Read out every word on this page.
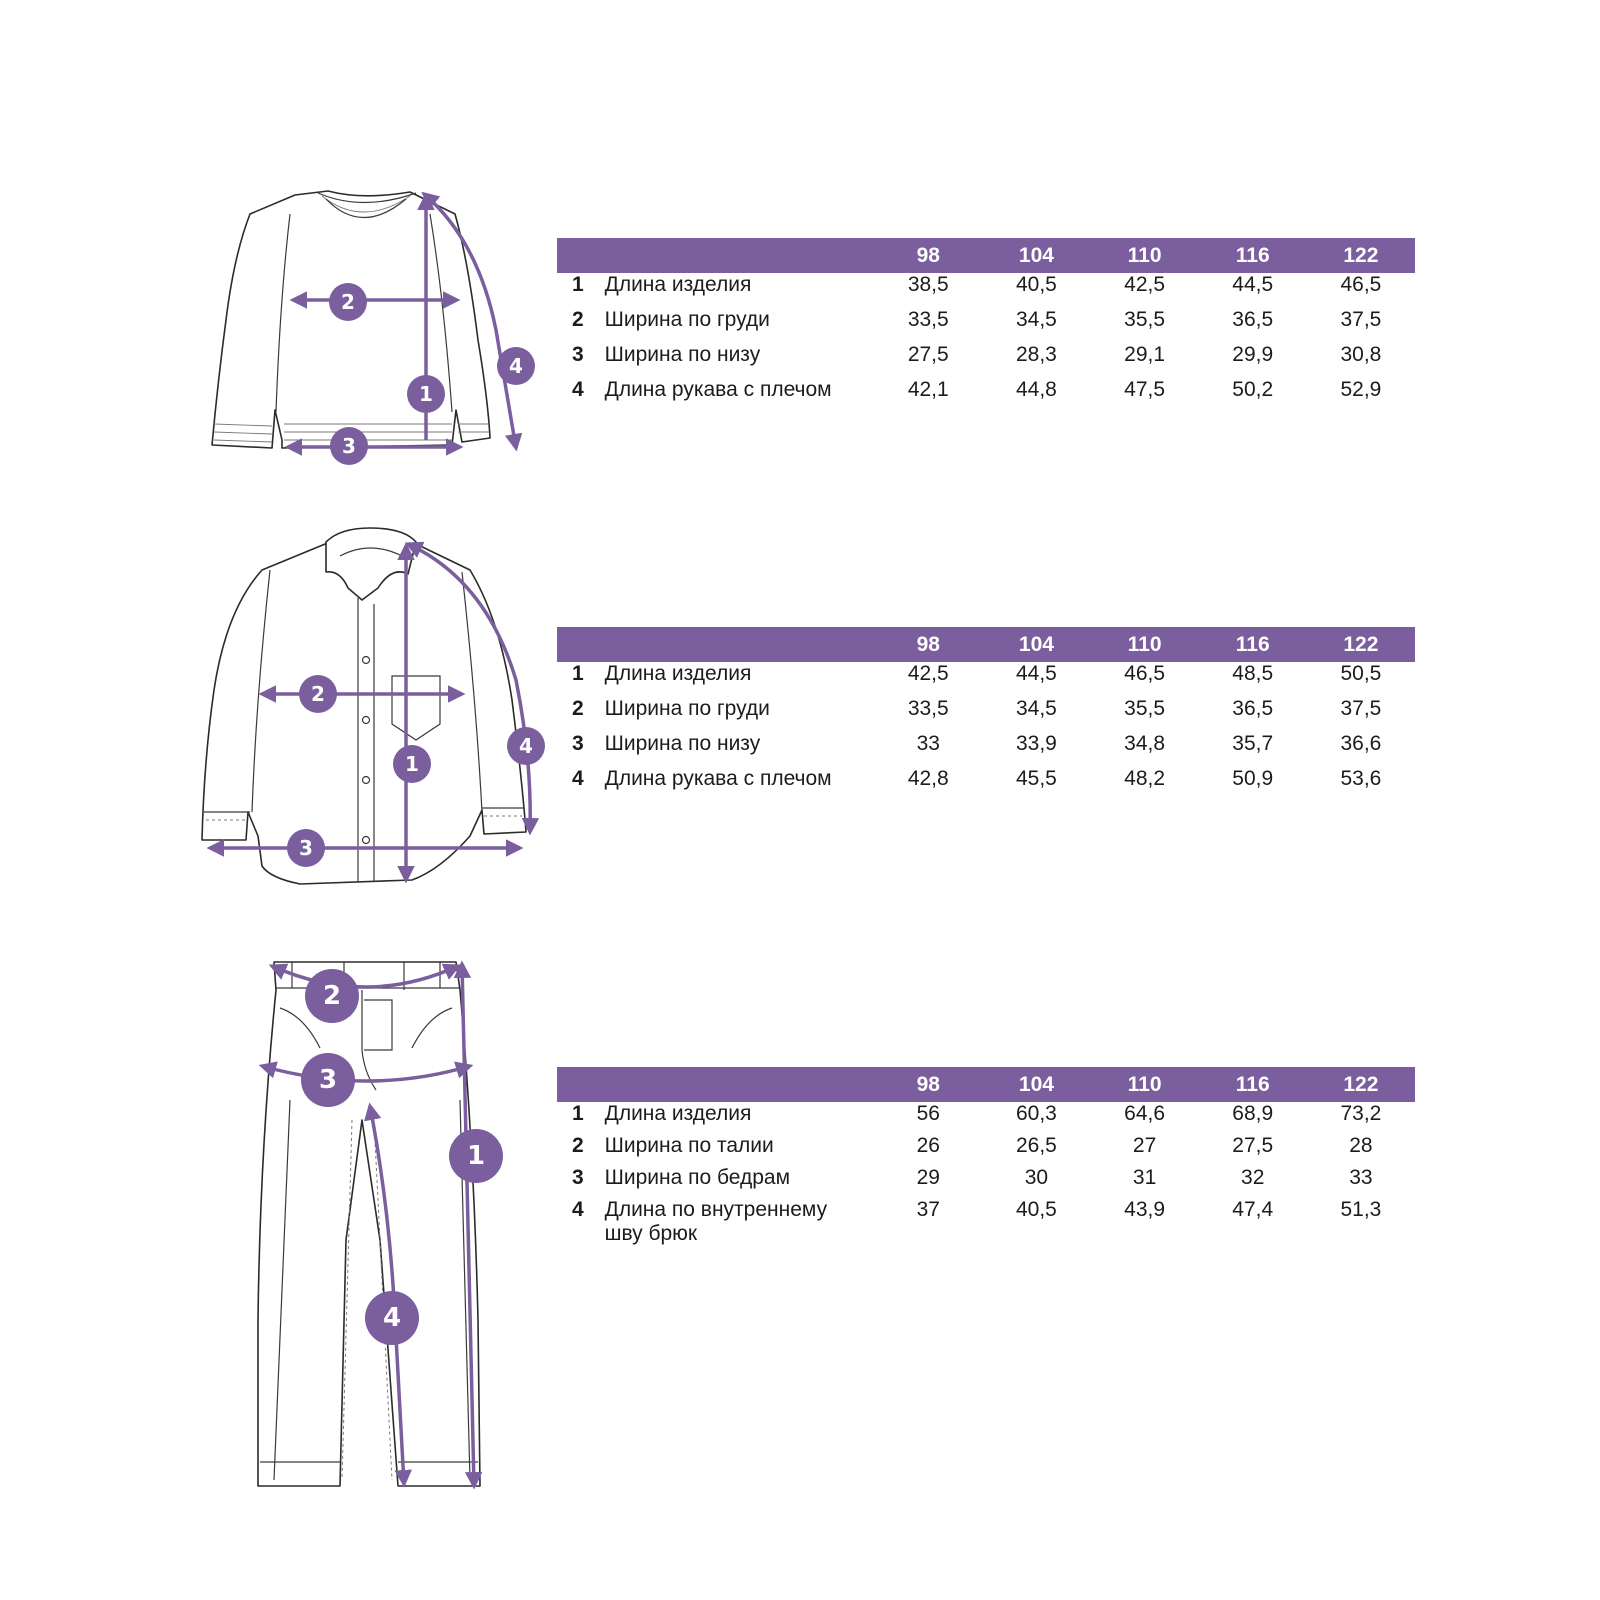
1
2
3
4
1
2
3
4
1
2
3
4
		98	104	110	116	122
1	Длина изделия	38,5	40,5	42,5	44,5	46,5
2	Ширина по груди	33,5	34,5	35,5	36,5	37,5
3	Ширина по низу	27,5	28,3	29,1	29,9	30,8
4	Длина рукава с плечом	42,1	44,8	47,5	50,2	52,9
		98	104	110	116	122
1	Длина изделия	42,5	44,5	46,5	48,5	50,5
2	Ширина по груди	33,5	34,5	35,5	36,5	37,5
3	Ширина по низу	33	33,9	34,8	35,7	36,6
4	Длина рукава с плечом	42,8	45,5	48,2	50,9	53,6
		98	104	110	116	122
1	Длина изделия	56	60,3	64,6	68,9	73,2
2	Ширина по талии	26	26,5	27	27,5	28
3	Ширина по бедрам	29	30	31	32	33
4	Длина по внутреннему
шву брюк	37	40,5	43,9	47,4	51,3
